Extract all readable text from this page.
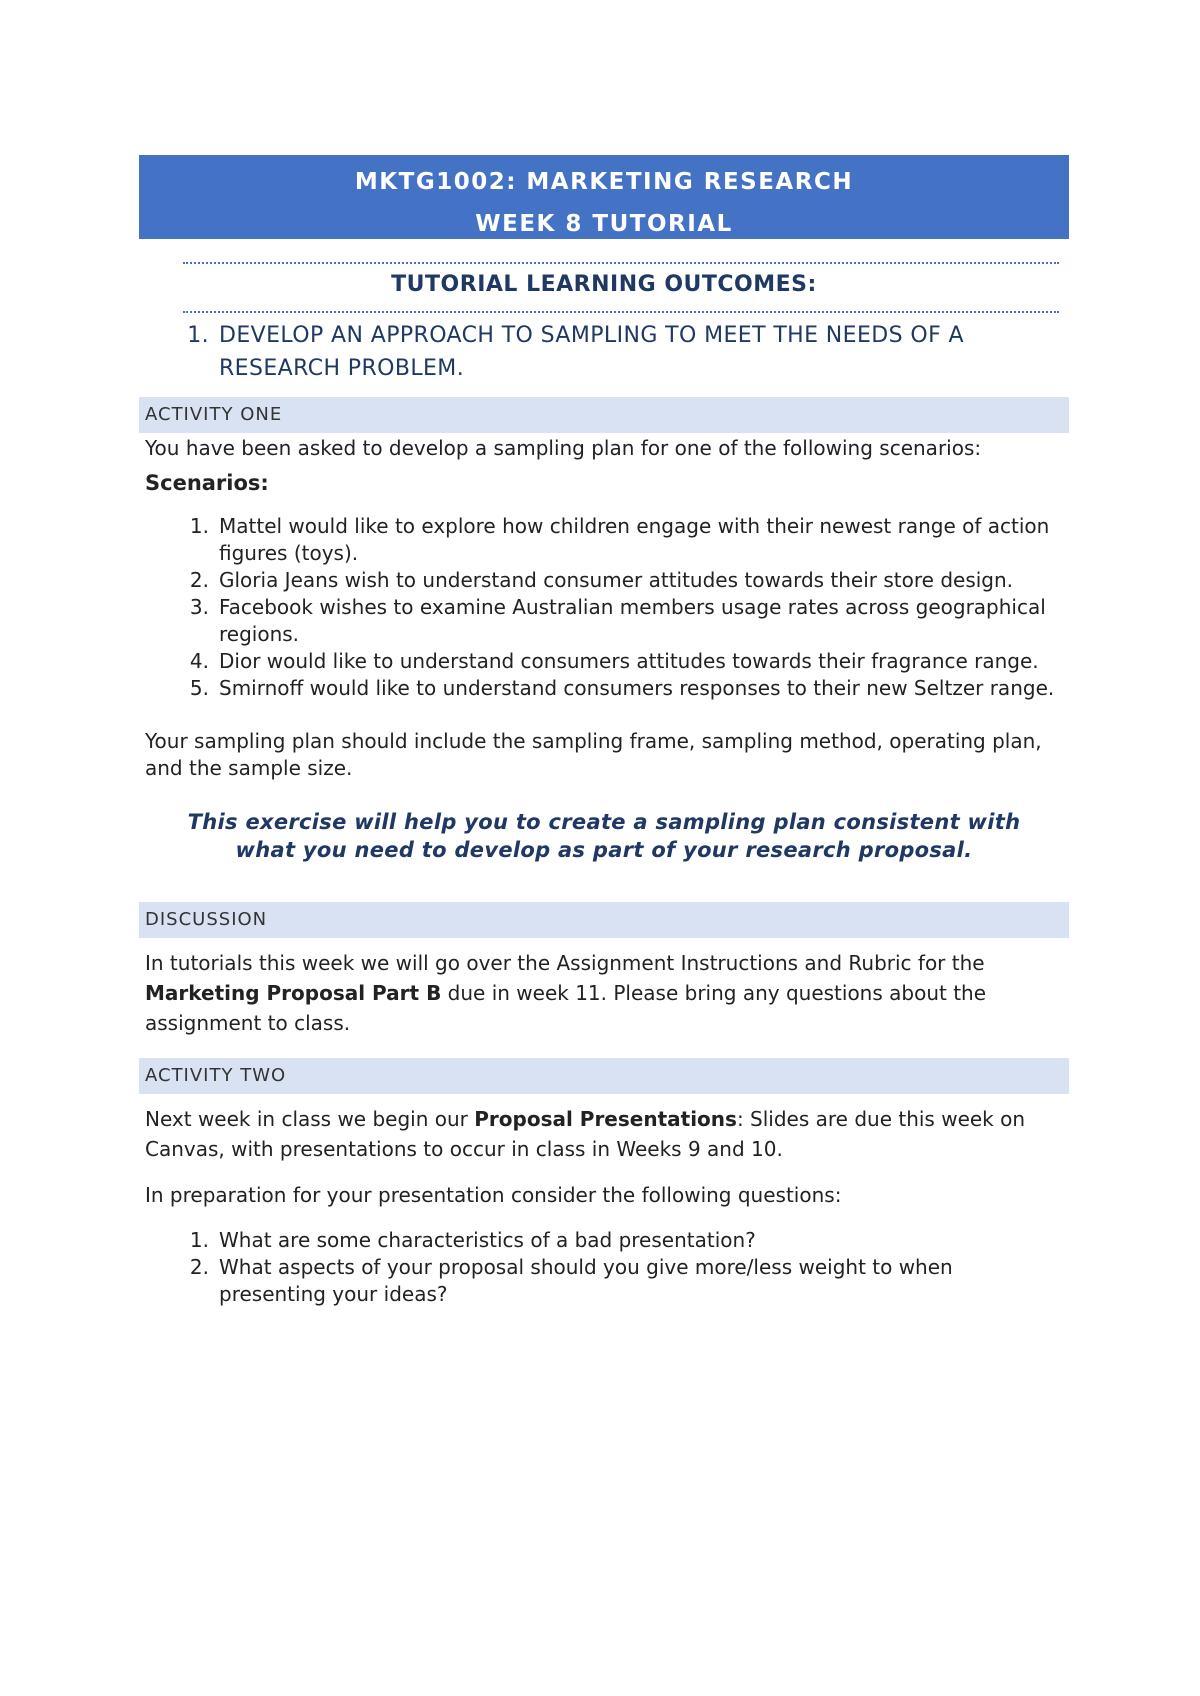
MKTG1002: MARKETING RESEARCH
WEEK 8 TUTORIAL
TUTORIAL LEARNING OUTCOMES:
1. DEVELOP AN APPROACH TO SAMPLING TO MEET THE NEEDS OF A RESEARCH PROBLEM.
ACTIVITY ONE
You have been asked to develop a sampling plan for one of the following scenarios:
Scenarios:
1. Mattel would like to explore how children engage with their newest range of action figures (toys).
2. Gloria Jeans wish to understand consumer attitudes towards their store design.
3. Facebook wishes to examine Australian members usage rates across geographical regions.
4. Dior would like to understand consumers attitudes towards their fragrance range.
5. Smirnoff would like to understand consumers responses to their new Seltzer range.
Your sampling plan should include the sampling frame, sampling method, operating plan, and the sample size.
This exercise will help you to create a sampling plan consistent with what you need to develop as part of your research proposal.
DISCUSSION
In tutorials this week we will go over the Assignment Instructions and Rubric for the Marketing Proposal Part B due in week 11. Please bring any questions about the assignment to class.
ACTIVITY TWO
Next week in class we begin our Proposal Presentations: Slides are due this week on Canvas, with presentations to occur in class in Weeks 9 and 10.
In preparation for your presentation consider the following questions:
1. What are some characteristics of a bad presentation?
2. What aspects of your proposal should you give more/less weight to when presenting your ideas?
